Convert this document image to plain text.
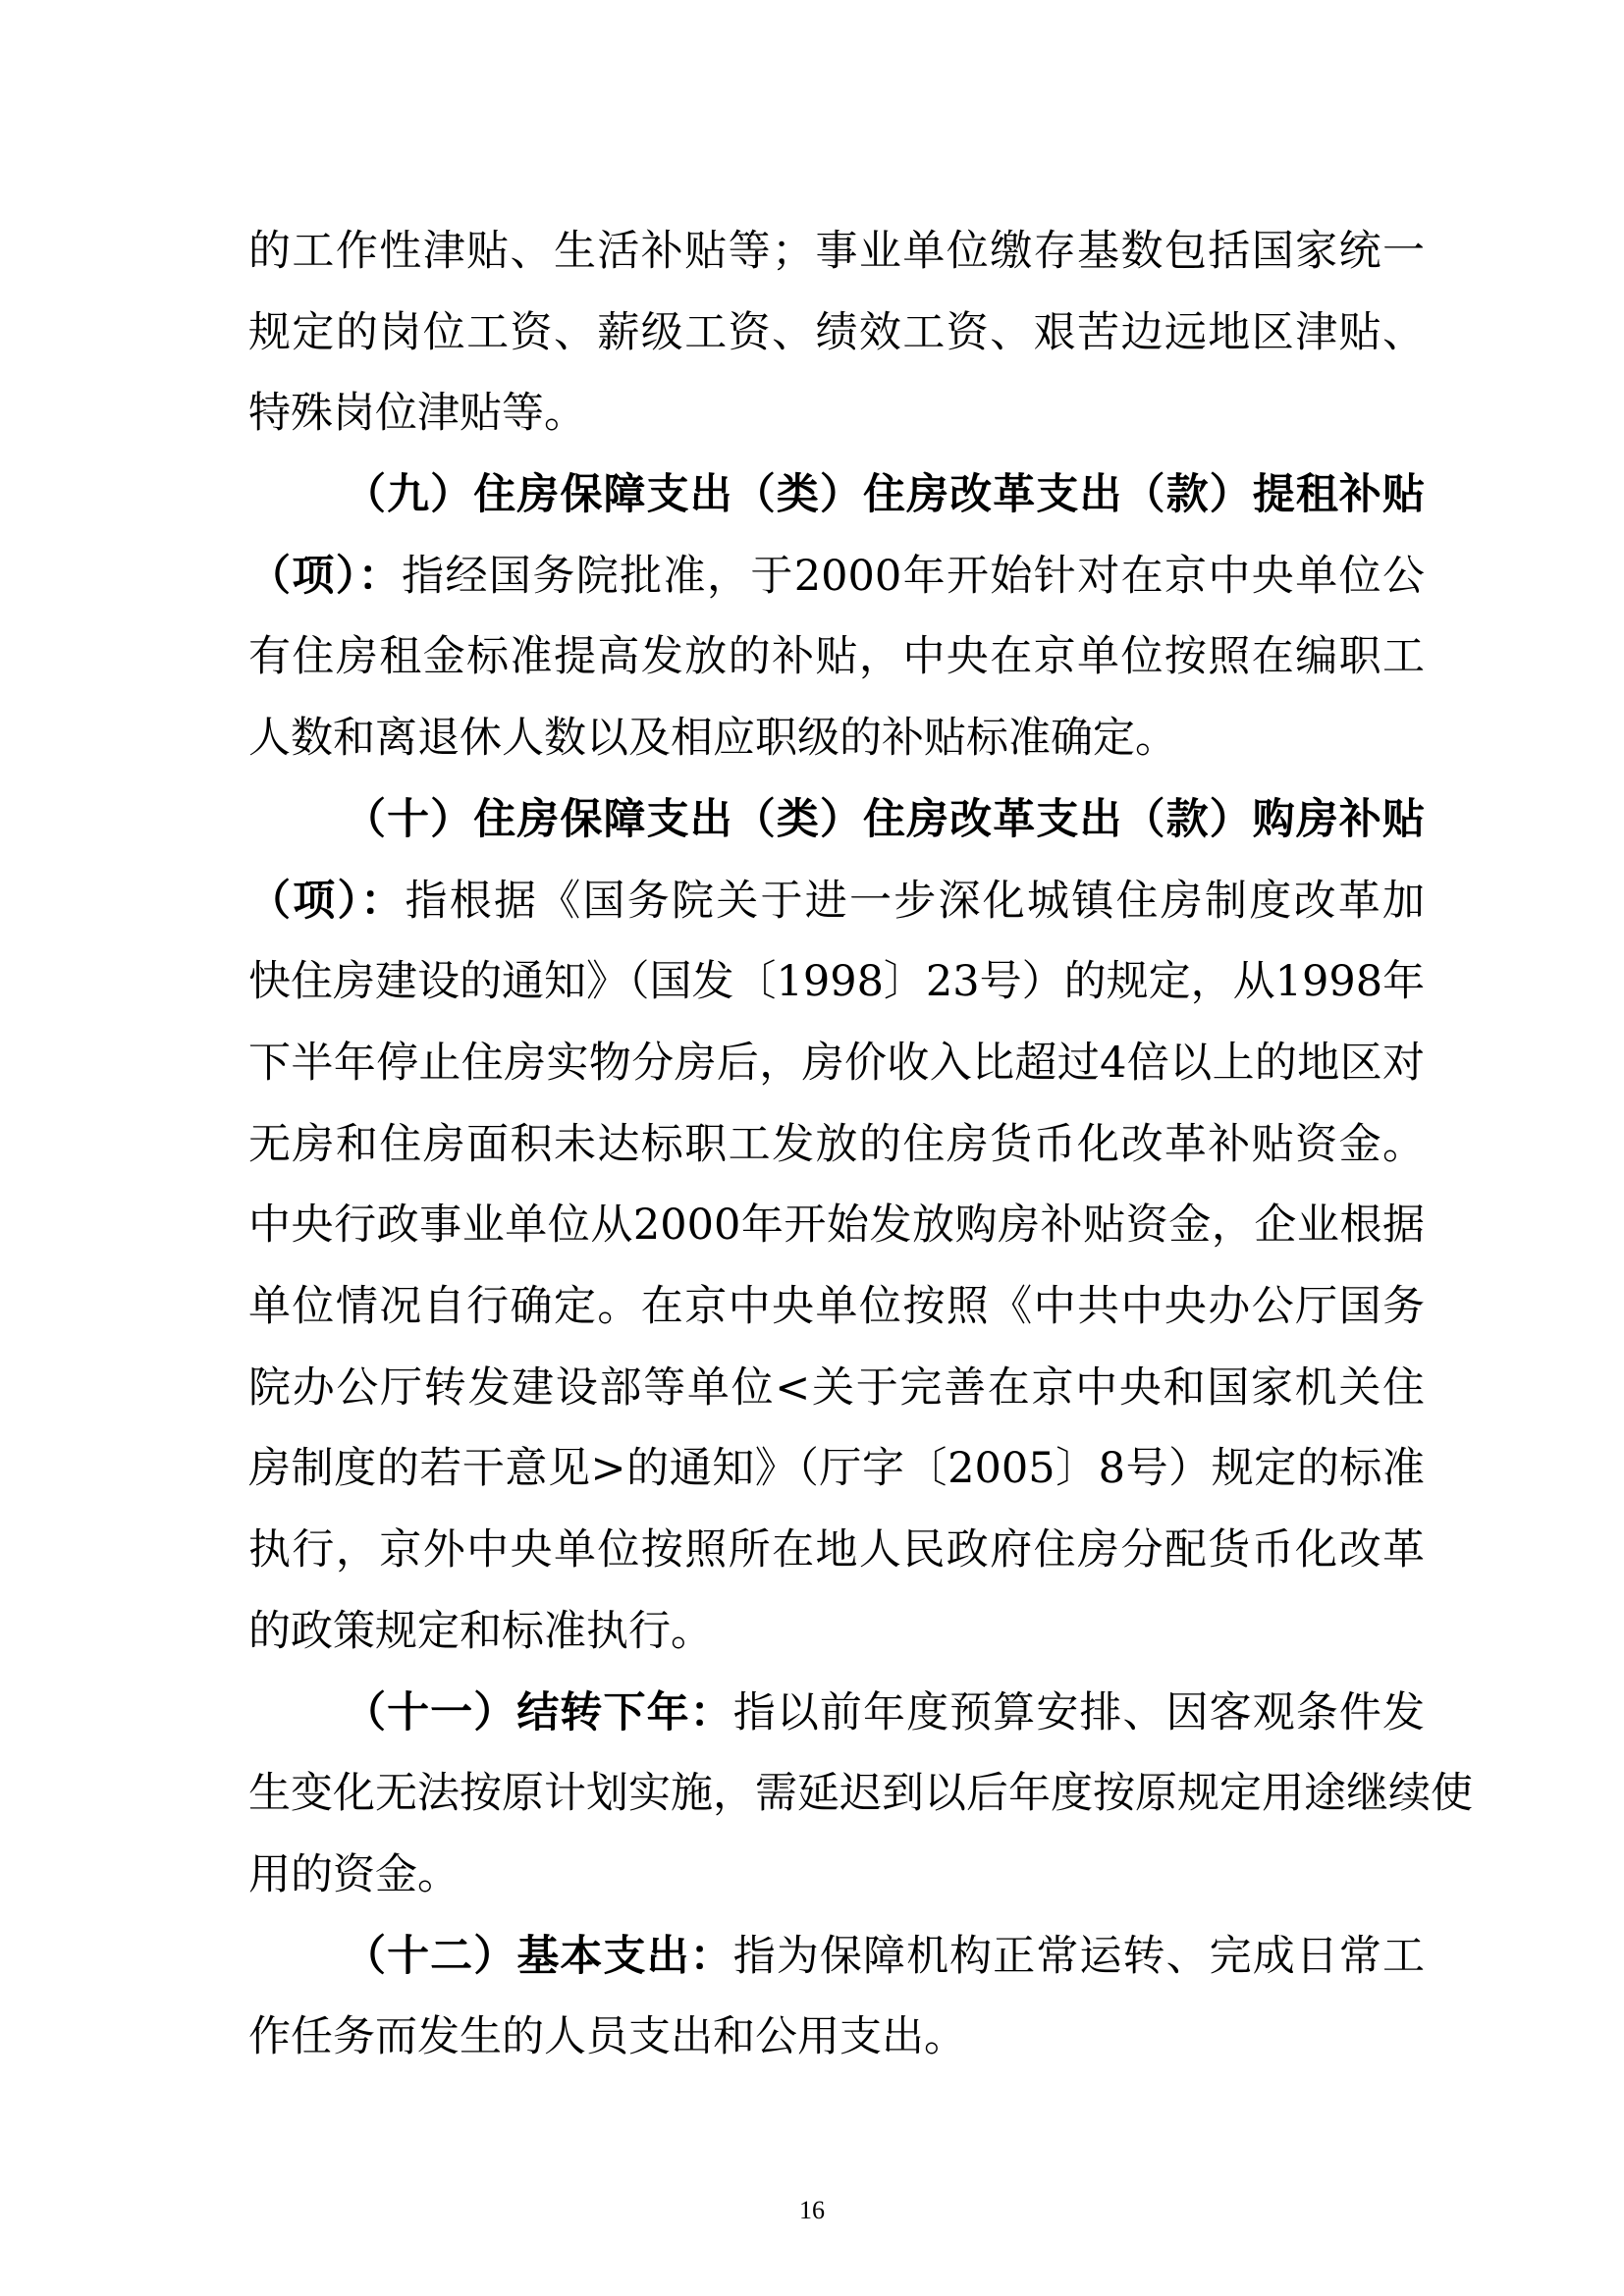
的工作性津贴、生活补贴等；事业单位缴存基数包括国家统一
规定的岗位工资、薪级工资、绩效工资、艰苦边远地区津贴、
特殊岗位津贴等。
（九）住房保障支出（类）住房改革支出（款）提租补贴
（项）：指经国务院批准，于2000年开始针对在京中央单位公
有住房租金标准提高发放的补贴，中央在京单位按照在编职工
人数和离退休人数以及相应职级的补贴标准确定。
（十）住房保障支出（类）住房改革支出（款）购房补贴
（项）：指根据《国务院关于进一步深化城镇住房制度改革加
快住房建设的通知》（国发〔1998〕23号）的规定，从1998年
下半年停止住房实物分房后，房价收入比超过4倍以上的地区对
无房和住房面积未达标职工发放的住房货币化改革补贴资金。
中央行政事业单位从2000年开始发放购房补贴资金，企业根据
单位情况自行确定。在京中央单位按照《中共中央办公厅国务
院办公厅转发建设部等单位<关于完善在京中央和国家机关住
房制度的若干意见>的通知》（厅字〔2005〕8号）规定的标准
执行，京外中央单位按照所在地人民政府住房分配货币化改革
的政策规定和标准执行。
（十一）结转下年：指以前年度预算安排、因客观条件发
生变化无法按原计划实施，需延迟到以后年度按原规定用途继续使
用的资金。
（十二）基本支出：指为保障机构正常运转、完成日常工
作任务而发生的人员支出和公用支出。
16
